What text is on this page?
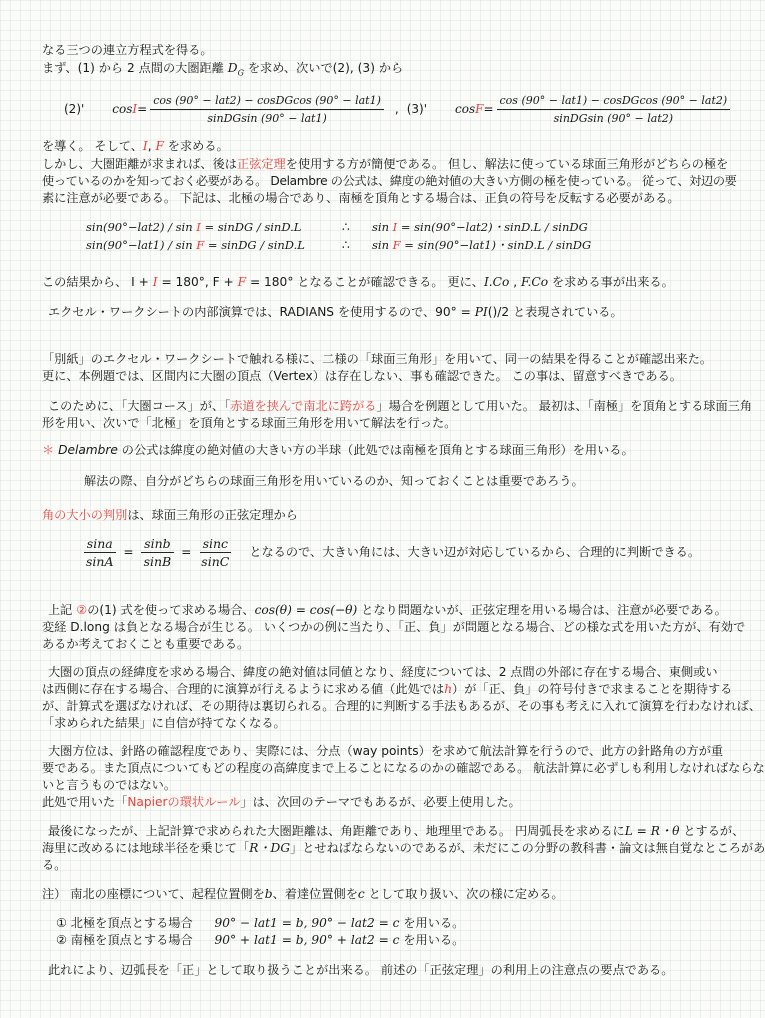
なる三つの連立方程式を得る。
まず、(1) から 2 点間の大圏距離 $D_G$ を求め、次いで(2), (3) から
(2)' $\cos I = \frac{\text{cos (90° − lat2) − cosDGcos (90° − lat1)}}{\text{sinDGsin (90° − lat1)}}$ , (3)' $\cos F = \frac{\text{cos (90° − lat1) − cosDGcos (90° − lat2)}}{\text{sinDGsin (90° − lat2)}}$
を導く。 そして、I, F を求める。
しかし、大圏距離が求まれば、後は正弦定理を使用する方が簡便である。 但し、解法に使っている球面三角形がどちらの極を
使っているのかを知っておく必要がある。 Delambre の公式は、緯度の絶対値の大きい方側の極を使っている。 従って、対辺の要
素に注意が必要である。 下記は、北極の場合であり、南極を頂角とする場合は、正負の符号を反転する必要がある。
sin(90°−lat2) / sin I = sinDG / sinD.L	∴ sin I = sin(90°−lat2)・sinD.L / sinDG
sin(90°−lat1) / sin F = sinDG / sinD.L	∴ sin F = sin(90°−lat1)・sinD.L / sinDG
この結果から、 I + I = 180°, F + F = 180° となることが確認できる。 更に、I.Co , F.Co を求める事が出来る。
エクセル・ワークシートの内部演算では、RADIANS を使用するので、90° = PI()/2 と表現されている。
「別紙」のエクセル・ワークシートで触れる様に、二様の「球面三角形」を用いて、同一の結果を得ることが確認出来た。
更に、本例題では、区間内に大圏の頂点（Vertex）は存在しない、事も確認できた。 この事は、留意すべきである。
このために、「大圏コース」が、「赤道を挟んで南北に跨がる」場合を例題として用いた。 最初は、「南極」を頂角とする球面三角
形を用い、次いで「北極」を頂角とする球面三角形を用いて解法を行った。
＊ Delambre の公式は緯度の絶対値の大きい方の半球（此処では南極を頂角とする球面三角形）を用いる。
解法の際、自分がどちらの球面三角形を用いているのか、知っておくことは重要であろう。
角の大小の判別は、球面三角形の正弦定理から
$\frac{\sin a}{\sin A} = \frac{\sin b}{\sin B} = \frac{\sin c}{\sin C}$ となるので、大きい角には、大きい辺が対応しているから、合理的に判断できる。
上記 ②の(1) 式を使って求める場合、cos(θ) = cos(−θ) となり問題ないが、正弦定理を用いる場合は、注意が必要である。
変経 D.long は負となる場合が生じる。 いくつかの例に当たり、「正、負」が問題となる場合、どの様な式を用いた方が、有効で
あるか考えておくことも重要である。
大圏の頂点の経緯度を求める場合、緯度の絶対値は同値となり、経度については、2 点間の外部に存在する場合、東側或い
は西側に存在する場合、合理的に演算が行えるように求める値（此処ではh）が「正、負」の符号付きで求まることを期待する
が、計算式を選ばなければ、その期待は裏切られる。合理的に判断する手法もあるが、その事も考えに入れて演算を行わなければ、
「求められた結果」に自信が持てなくなる。
大圏方位は、針路の確認程度であり、実際には、分点（way points）を求めて航法計算を行うので、此方の針路角の方が重
要である。また頂点についてもどの程度の高緯度まで上ることになるのかの確認である。 航法計算に必ずしも利用しなければならな
いと言うものではない。
此処で用いた「Napierの環状ルール」は、次回のテーマでもあるが、必要上使用した。
最後になったが、上記計算で求められた大圏距離は、角距離であり、地理里である。 円周弧長を求めるにL = R・θ とするが、
海里に改めるには地球半径を乗じて「R・DG」とせねばならないのであるが、未だにこの分野の教科書・論文は無自覚なところがあ
る。
注） 南北の座標について、起程位置側をb、着達位置側をc として取り扱い、次の様に定める。
① 北極を頂点とする場合 90° − lat1 = b, 90° − lat2 = c を用いる。
② 南極を頂点とする場合 90° + lat1 = b, 90° + lat2 = c を用いる。
此れにより、辺弧長を「正」として取り扱うことが出来る。 前述の「正弦定理」の利用上の注意点の要点である。
